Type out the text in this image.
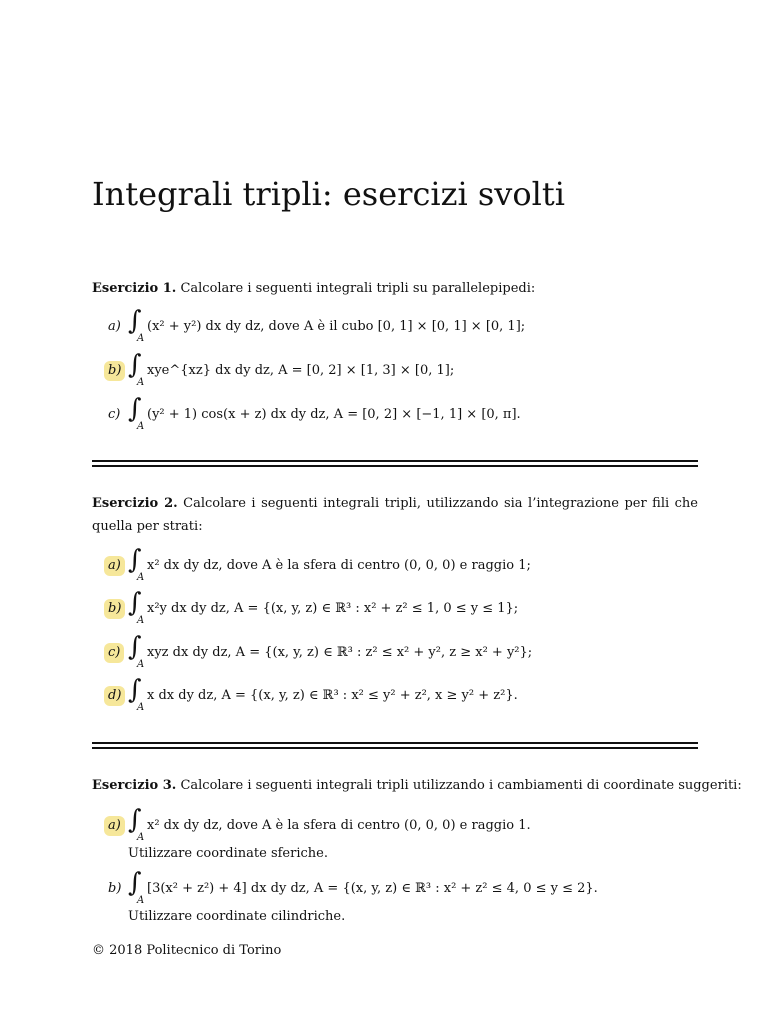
Integrali tripli: esercizi svolti
Esercizio 1. Calcolare i seguenti integrali tripli su parallelepipedi:
a) ∫
A
(x² + y²) dx dy dz, dove A è il cubo [0, 1] × [0, 1] × [0, 1];
b) ∫
A
xye^{xz} dx dy dz, A = [0, 2] × [1, 3] × [0, 1];
c) ∫
A
(y² + 1) cos(x + z) dx dy dz, A = [0, 2] × [−1, 1] × [0, π].
Esercizio 2. Calcolare i seguenti integrali tripli, utilizzando sia l’integrazione per fili che quella per strati:
a) ∫
A
x² dx dy dz, dove A è la sfera di centro (0, 0, 0) e raggio 1;
b) ∫
A
x²y dx dy dz, A = {(x, y, z) ∈ ℝ³ : x² + z² ≤ 1, 0 ≤ y ≤ 1};
c) ∫
A
xyz dx dy dz, A = {(x, y, z) ∈ ℝ³ : z² ≤ x² + y², z ≥ x² + y²};
d) ∫
A
x dx dy dz, A = {(x, y, z) ∈ ℝ³ : x² ≤ y² + z², x ≥ y² + z²}.
Esercizio 3. Calcolare i seguenti integrali tripli utilizzando i cambiamenti di coordinate suggeriti:
a) ∫
A
x² dx dy dz, dove A è la sfera di centro (0, 0, 0) e raggio 1.
Utilizzare coordinate sferiche.
b) ∫
A
[3(x² + z²) + 4] dx dy dz, A = {(x, y, z) ∈ ℝ³ : x² + z² ≤ 4, 0 ≤ y ≤ 2}.
Utilizzare coordinate cilindriche.
© 2018 Politecnico di Torino
